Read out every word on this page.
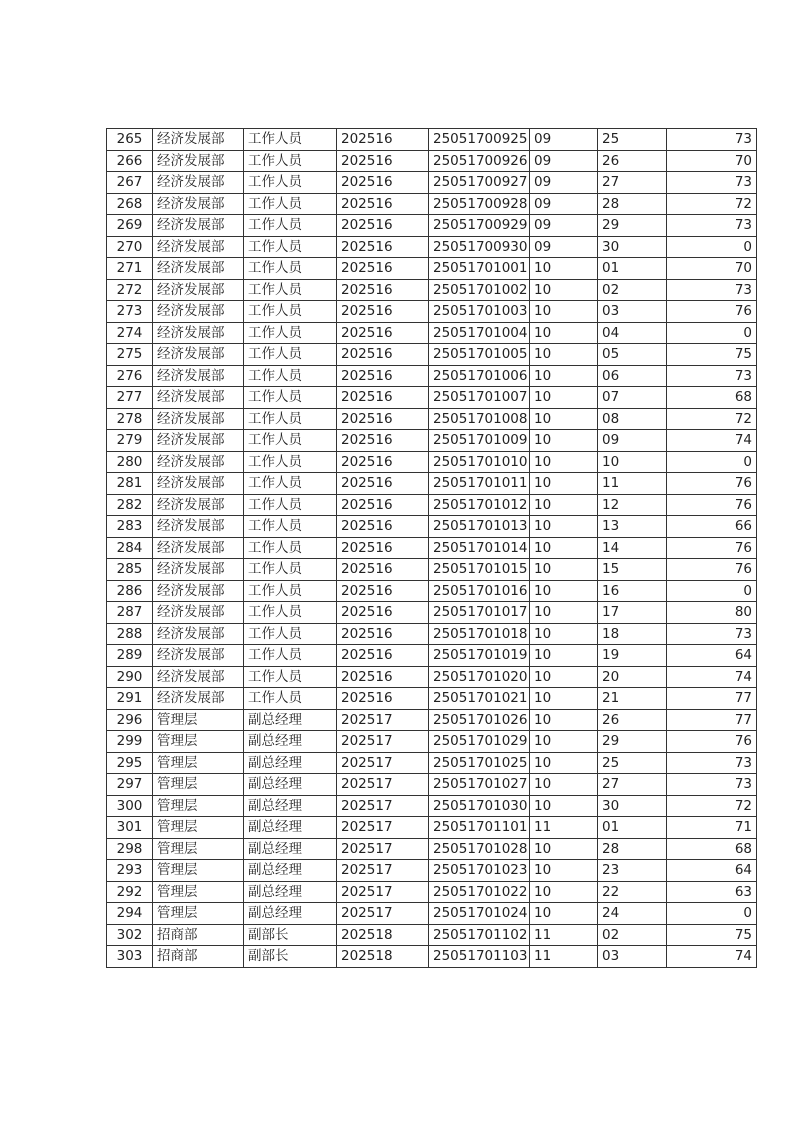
265	经济发展部	工作人员	202516	25051700925	09	25	73
266	经济发展部	工作人员	202516	25051700926	09	26	70
267	经济发展部	工作人员	202516	25051700927	09	27	73
268	经济发展部	工作人员	202516	25051700928	09	28	72
269	经济发展部	工作人员	202516	25051700929	09	29	73
270	经济发展部	工作人员	202516	25051700930	09	30	0
271	经济发展部	工作人员	202516	25051701001	10	01	70
272	经济发展部	工作人员	202516	25051701002	10	02	73
273	经济发展部	工作人员	202516	25051701003	10	03	76
274	经济发展部	工作人员	202516	25051701004	10	04	0
275	经济发展部	工作人员	202516	25051701005	10	05	75
276	经济发展部	工作人员	202516	25051701006	10	06	73
277	经济发展部	工作人员	202516	25051701007	10	07	68
278	经济发展部	工作人员	202516	25051701008	10	08	72
279	经济发展部	工作人员	202516	25051701009	10	09	74
280	经济发展部	工作人员	202516	25051701010	10	10	0
281	经济发展部	工作人员	202516	25051701011	10	11	76
282	经济发展部	工作人员	202516	25051701012	10	12	76
283	经济发展部	工作人员	202516	25051701013	10	13	66
284	经济发展部	工作人员	202516	25051701014	10	14	76
285	经济发展部	工作人员	202516	25051701015	10	15	76
286	经济发展部	工作人员	202516	25051701016	10	16	0
287	经济发展部	工作人员	202516	25051701017	10	17	80
288	经济发展部	工作人员	202516	25051701018	10	18	73
289	经济发展部	工作人员	202516	25051701019	10	19	64
290	经济发展部	工作人员	202516	25051701020	10	20	74
291	经济发展部	工作人员	202516	25051701021	10	21	77
296	管理层	副总经理	202517	25051701026	10	26	77
299	管理层	副总经理	202517	25051701029	10	29	76
295	管理层	副总经理	202517	25051701025	10	25	73
297	管理层	副总经理	202517	25051701027	10	27	73
300	管理层	副总经理	202517	25051701030	10	30	72
301	管理层	副总经理	202517	25051701101	11	01	71
298	管理层	副总经理	202517	25051701028	10	28	68
293	管理层	副总经理	202517	25051701023	10	23	64
292	管理层	副总经理	202517	25051701022	10	22	63
294	管理层	副总经理	202517	25051701024	10	24	0
302	招商部	副部长	202518	25051701102	11	02	75
303	招商部	副部长	202518	25051701103	11	03	74
